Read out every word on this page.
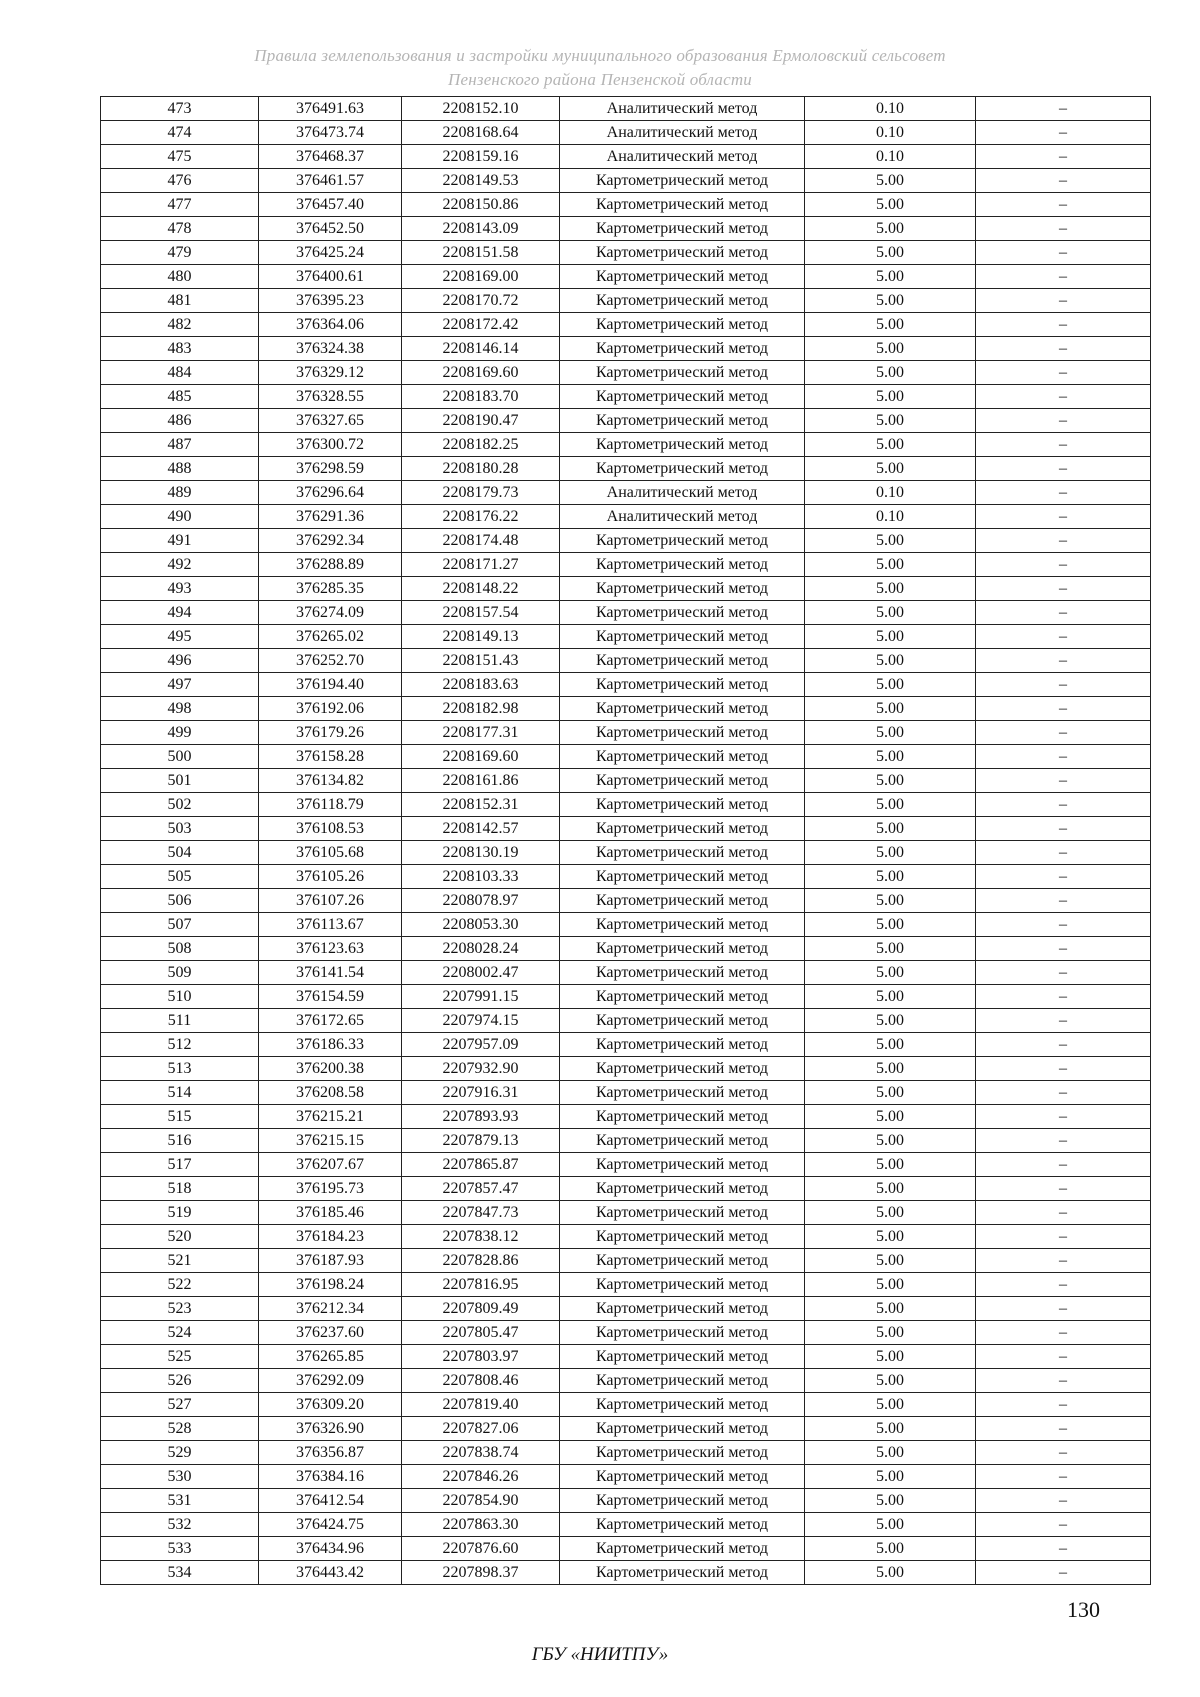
Правила землепользования и застройки муниципального образования Ермоловский сельсовет
Пензенского района Пензенской области
473	376491.63	2208152.10	Аналитический метод	0.10	–
474	376473.74	2208168.64	Аналитический метод	0.10	–
475	376468.37	2208159.16	Аналитический метод	0.10	–
476	376461.57	2208149.53	Картометрический метод	5.00	–
477	376457.40	2208150.86	Картометрический метод	5.00	–
478	376452.50	2208143.09	Картометрический метод	5.00	–
479	376425.24	2208151.58	Картометрический метод	5.00	–
480	376400.61	2208169.00	Картометрический метод	5.00	–
481	376395.23	2208170.72	Картометрический метод	5.00	–
482	376364.06	2208172.42	Картометрический метод	5.00	–
483	376324.38	2208146.14	Картометрический метод	5.00	–
484	376329.12	2208169.60	Картометрический метод	5.00	–
485	376328.55	2208183.70	Картометрический метод	5.00	–
486	376327.65	2208190.47	Картометрический метод	5.00	–
487	376300.72	2208182.25	Картометрический метод	5.00	–
488	376298.59	2208180.28	Картометрический метод	5.00	–
489	376296.64	2208179.73	Аналитический метод	0.10	–
490	376291.36	2208176.22	Аналитический метод	0.10	–
491	376292.34	2208174.48	Картометрический метод	5.00	–
492	376288.89	2208171.27	Картометрический метод	5.00	–
493	376285.35	2208148.22	Картометрический метод	5.00	–
494	376274.09	2208157.54	Картометрический метод	5.00	–
495	376265.02	2208149.13	Картометрический метод	5.00	–
496	376252.70	2208151.43	Картометрический метод	5.00	–
497	376194.40	2208183.63	Картометрический метод	5.00	–
498	376192.06	2208182.98	Картометрический метод	5.00	–
499	376179.26	2208177.31	Картометрический метод	5.00	–
500	376158.28	2208169.60	Картометрический метод	5.00	–
501	376134.82	2208161.86	Картометрический метод	5.00	–
502	376118.79	2208152.31	Картометрический метод	5.00	–
503	376108.53	2208142.57	Картометрический метод	5.00	–
504	376105.68	2208130.19	Картометрический метод	5.00	–
505	376105.26	2208103.33	Картометрический метод	5.00	–
506	376107.26	2208078.97	Картометрический метод	5.00	–
507	376113.67	2208053.30	Картометрический метод	5.00	–
508	376123.63	2208028.24	Картометрический метод	5.00	–
509	376141.54	2208002.47	Картометрический метод	5.00	–
510	376154.59	2207991.15	Картометрический метод	5.00	–
511	376172.65	2207974.15	Картометрический метод	5.00	–
512	376186.33	2207957.09	Картометрический метод	5.00	–
513	376200.38	2207932.90	Картометрический метод	5.00	–
514	376208.58	2207916.31	Картометрический метод	5.00	–
515	376215.21	2207893.93	Картометрический метод	5.00	–
516	376215.15	2207879.13	Картометрический метод	5.00	–
517	376207.67	2207865.87	Картометрический метод	5.00	–
518	376195.73	2207857.47	Картометрический метод	5.00	–
519	376185.46	2207847.73	Картометрический метод	5.00	–
520	376184.23	2207838.12	Картометрический метод	5.00	–
521	376187.93	2207828.86	Картометрический метод	5.00	–
522	376198.24	2207816.95	Картометрический метод	5.00	–
523	376212.34	2207809.49	Картометрический метод	5.00	–
524	376237.60	2207805.47	Картометрический метод	5.00	–
525	376265.85	2207803.97	Картометрический метод	5.00	–
526	376292.09	2207808.46	Картометрический метод	5.00	–
527	376309.20	2207819.40	Картометрический метод	5.00	–
528	376326.90	2207827.06	Картометрический метод	5.00	–
529	376356.87	2207838.74	Картометрический метод	5.00	–
530	376384.16	2207846.26	Картометрический метод	5.00	–
531	376412.54	2207854.90	Картометрический метод	5.00	–
532	376424.75	2207863.30	Картометрический метод	5.00	–
533	376434.96	2207876.60	Картометрический метод	5.00	–
534	376443.42	2207898.37	Картометрический метод	5.00	–
130
ГБУ «НИИТПУ»
